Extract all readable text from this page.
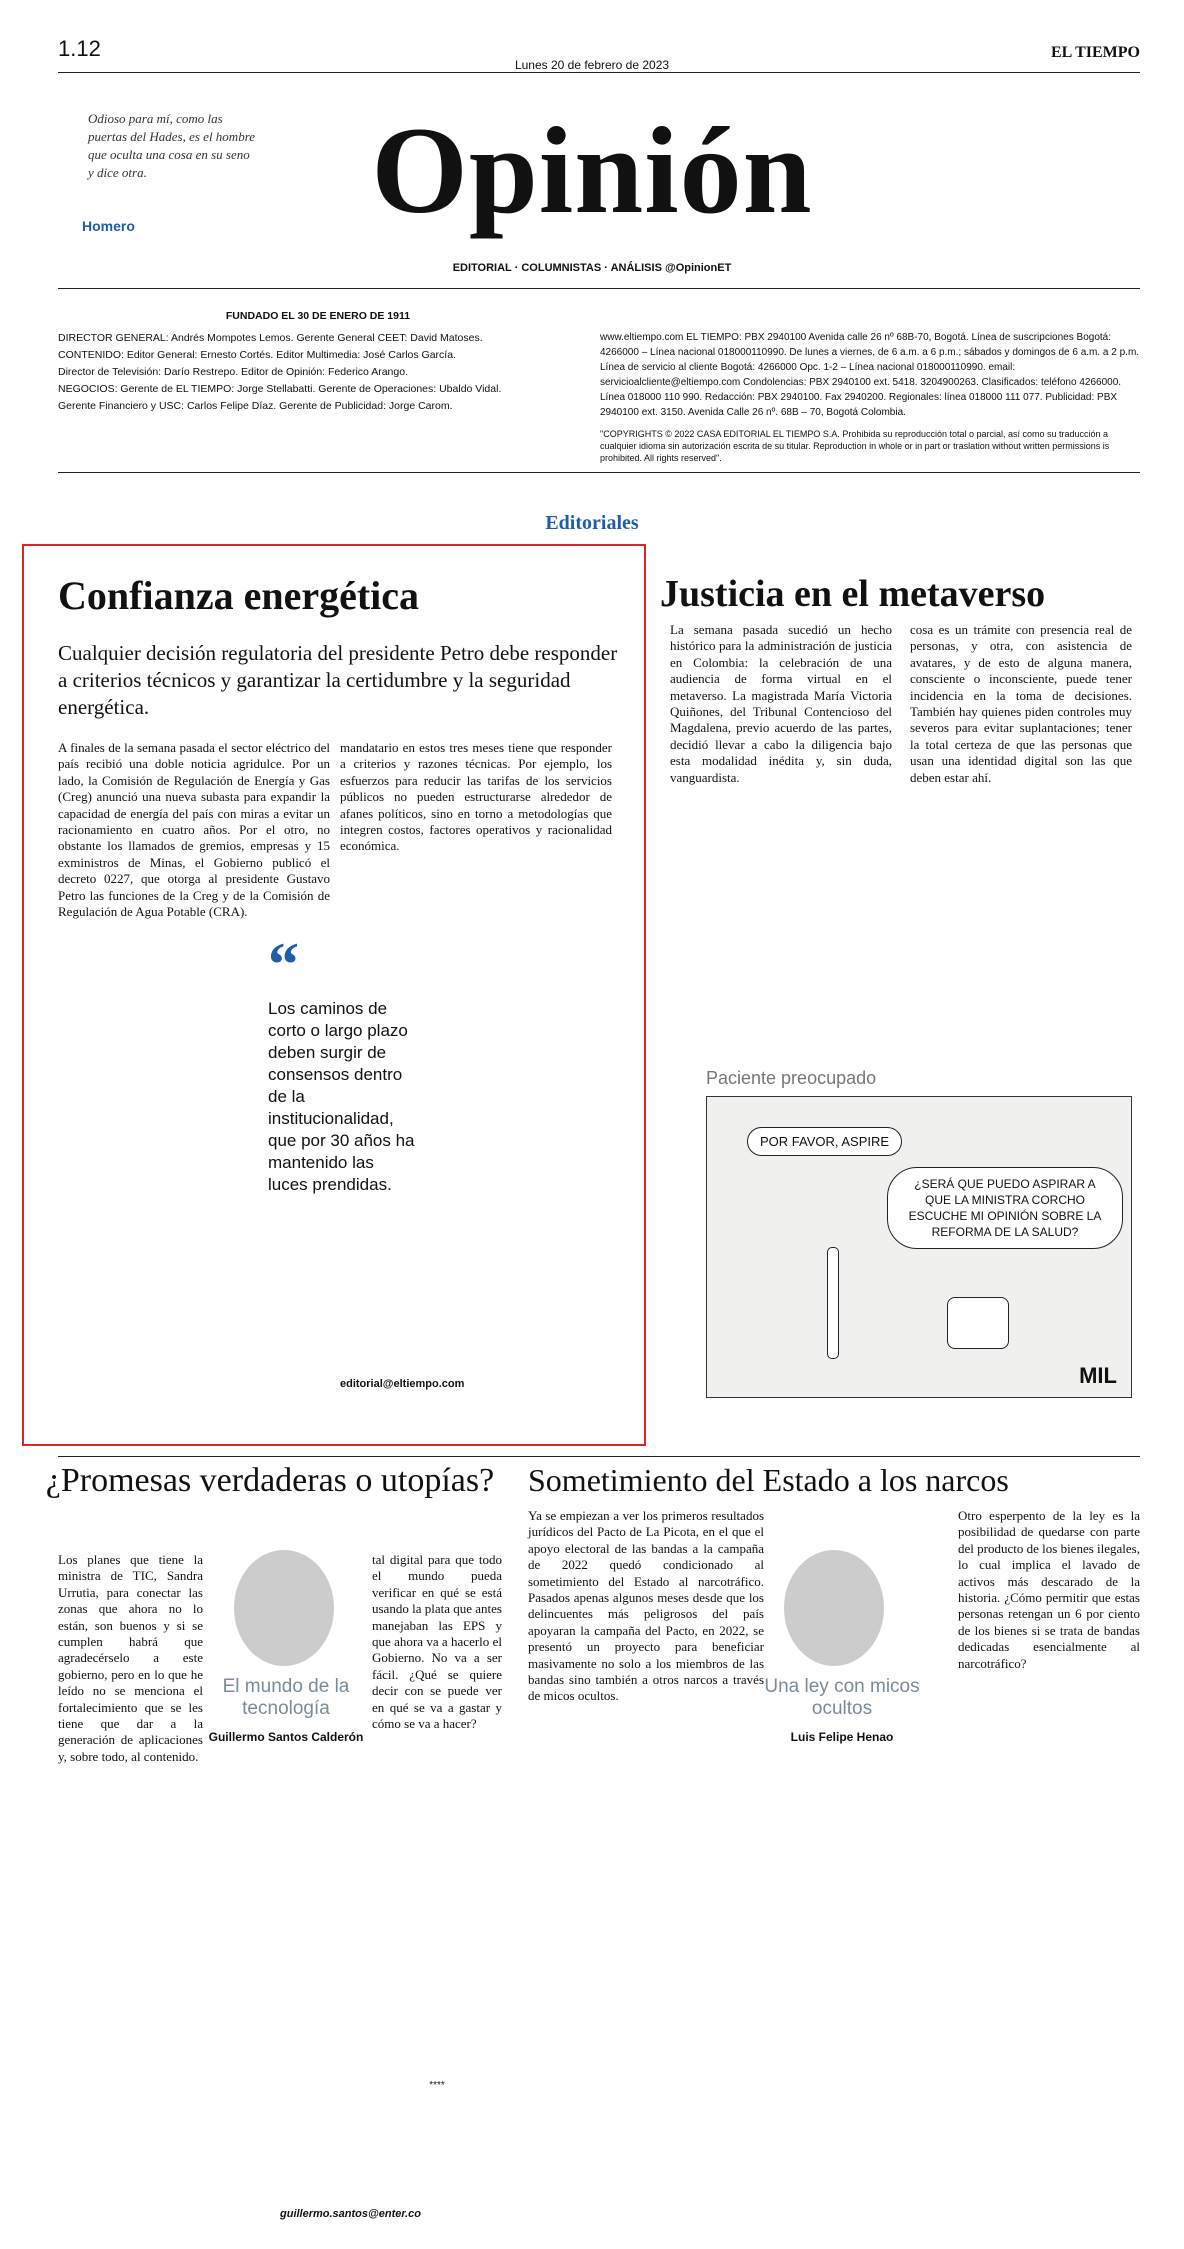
1.12
Lunes 20 de febrero de 2023
EL TIEMPO
Odioso para mí, como las puertas del Hades, es el hombre que oculta una cosa en su seno y dice otra.
Homero	Opinión
EDITORIAL · COLUMNISTAS · ANÁLISIS @OpinionET
FUNDADO EL 30 DE ENERO DE 1911
DIRECTOR GENERAL: Andrés Mompotes Lemos. Gerente General CEET: David Matoses.
CONTENIDO: Editor General: Ernesto Cortés. Editor Multimedia: José Carlos García.
Director de Televisión: Darío Restrepo. Editor de Opinión: Federico Arango.
NEGOCIOS: Gerente de EL TIEMPO: Jorge Stellabatti. Gerente de Operaciones: Ubaldo Vidal.
Gerente Financiero y USC: Carlos Felipe Díaz. Gerente de Publicidad: Jorge Carom.
www.eltiempo.com EL TIEMPO: PBX 2940100 Avenida calle 26 nº 68B-70, Bogotá. Línea de suscripciones Bogotá: 4266000 – Línea nacional 018000110990. De lunes a viernes, de 6 a.m. a 6 p.m.; sábados y domingos de 6 a.m. a 2 p.m. Línea de servicio al cliente Bogotá: 4266000 Opc. 1-2 – Línea nacional 018000110990. email: servicioalcliente@eltiempo.com Condolencias: PBX 2940100 ext. 5418. 3204900263. Clasificados: teléfono 4266000. Línea 018000 110 990. Redacción: PBX 2940100. Fax 2940200. Regionales: línea 018000 111 077. Publicidad: PBX 2940100 ext. 3150. Avenida Calle 26 nº. 68B – 70, Bogotá Colombia.
"COPYRIGHTS © 2022 CASA EDITORIAL EL TIEMPO S.A. Prohibida su reproducción total o parcial, así como su traducción a cualquier idioma sin autorización escrita de su titular. Reproduction in whole or in part or traslation without written permissions is prohibited. All rights reserved".
Editoriales
Confianza energética
Cualquier decisión regulatoria del presidente Petro debe responder a criterios técnicos y garantizar la certidumbre y la seguridad energética.
A finales de la semana pasada el sector eléctrico del país recibió una doble noticia agridulce. Por un lado, la Comisión de Regulación de Energía y Gas (Creg) anunció una nueva subasta para expandir la capacidad de energía del país con miras a evitar un racionamiento en cuatro años. Por el otro, no obstante los llamados de gremios, empresas y 15 exministros de Minas, el Gobierno publicó el decreto 0227, que otorga al presidente Gustavo Petro las funciones de la Creg y de la Comisión de Regulación de Agua Potable (CRA).
mandatario en estos tres meses tiene que responder a criterios y razones técnicas. Por ejemplo, los esfuerzos para reducir las tarifas de los servicios públicos no pueden estructurarse alrededor de afanes políticos, sino en torno a metodologías que integren costos, factores operativos y racionalidad económica.
“
Los caminos de corto o largo plazo deben surgir de consensos dentro de la institucionalidad, que por 30 años ha mantenido las luces prendidas.
editorial@eltiempo.com
Justicia en el metaverso
La semana pasada sucedió un hecho histórico para la administración de justicia en Colombia: la celebración de una audiencia de forma virtual en el metaverso. La magistrada María Victoria Quiñones, del Tribunal Contencioso del Magdalena, previo acuerdo de las partes, decidió llevar a cabo la diligencia bajo esta modalidad inédita y, sin duda, vanguardista.
cosa es un trámite con presencia real de personas, y otra, con asistencia de avatares, y de esto de alguna manera, consciente o inconsciente, puede tener incidencia en la toma de decisiones. También hay quienes piden controles muy severos para evitar suplantaciones; tener la total certeza de que las personas que usan una identidad digital son las que deben estar ahí.
Paciente preocupado
POR FAVOR, ASPIRE
¿SERÁ QUE PUEDO ASPIRAR A QUE LA MINISTRA CORCHO ESCUCHE MI OPINIÓN SOBRE LA REFORMA DE LA SALUD?
MIL
¿Promesas verdaderas o utopías?
Los planes que tiene la ministra de TIC, Sandra Urrutia, para conectar las zonas que ahora no lo están, son buenos y si se cumplen habrá que agradecérselo a este gobierno, pero en lo que he leído no se menciona el fortalecimiento que se les tiene que dar a la generación de aplicaciones y, sobre todo, al contenido.
El mundo de la tecnología
Guillermo Santos Calderón
tal digital para que todo el mundo pueda verificar en qué se está usando la plata que antes manejaban las EPS y que ahora va a hacerlo el Gobierno. No va a ser fácil. ¿Qué se quiere decir con se puede ver en qué se va a gastar y cómo se va a hacer?
****
guillermo.santos@enter.co
Sometimiento del Estado a los narcos
Ya se empiezan a ver los primeros resultados jurídicos del Pacto de La Picota, en el que el apoyo electoral de las bandas a la campaña de 2022 quedó condicionado al sometimiento del Estado al narcotráfico. Pasados apenas algunos meses desde que los delincuentes más peligrosos del país apoyaran la campaña del Pacto, en 2022, se presentó un proyecto para beneficiar masivamente no solo a los miembros de las bandas sino también a otros narcos a través de micos ocultos.	Una ley con micos ocultos
Luis Felipe Henao
Otro esperpento de la ley es la posibilidad de quedarse con parte del producto de los bienes ilegales, lo cual implica el lavado de activos más descarado de la historia. ¿Cómo permitir que estas personas retengan un 6 por ciento de los bienes si se trata de bandas dedicadas esencialmente al narcotráfico?
